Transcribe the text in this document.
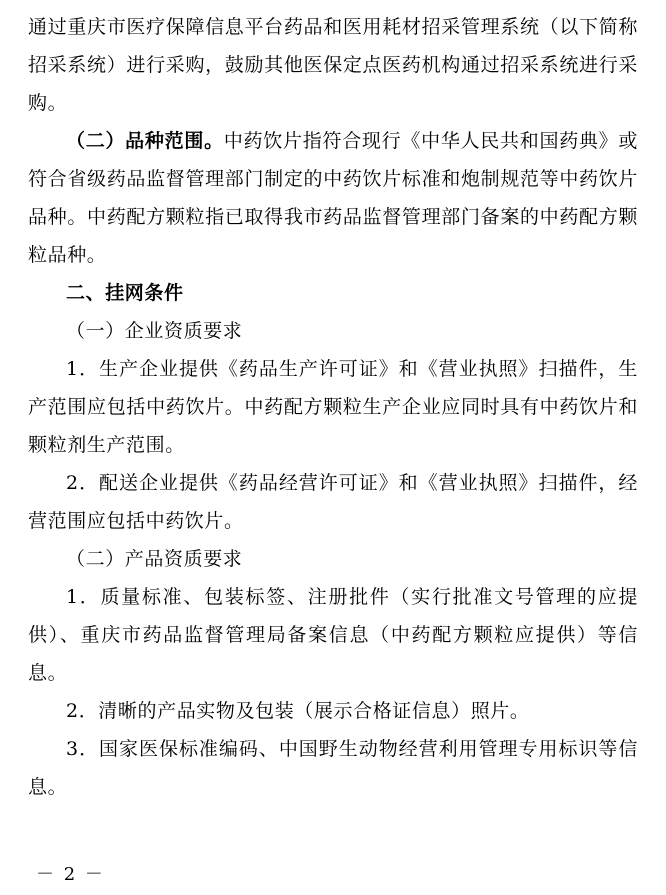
通过重庆市医疗保障信息平台药品和医用耗材招采管理系统（以下简称招采系统）进行采购，鼓励其他医保定点医药机构通过招采系统进行采购。

（二）品种范围。中药饮片指符合现行《中华人民共和国药典》或符合省级药品监督管理部门制定的中药饮片标准和炮制规范等中药饮片品种。中药配方颗粒指已取得我市药品监督管理部门备案的中药配方颗粒品种。

二、挂网条件

（一）企业资质要求

1．生产企业提供《药品生产许可证》和《营业执照》扫描件，生产范围应包括中药饮片。中药配方颗粒生产企业应同时具有中药饮片和颗粒剂生产范围。

2．配送企业提供《药品经营许可证》和《营业执照》扫描件，经营范围应包括中药饮片。

（二）产品资质要求

1．质量标准、包装标签、注册批件（实行批准文号管理的应提供）、重庆市药品监督管理局备案信息（中药配方颗粒应提供）等信息。

2．清晰的产品实物及包装（展示合格证信息）照片。

3．国家医保标准编码、中国野生动物经营利用管理专用标识等信息。

－ 2 －
